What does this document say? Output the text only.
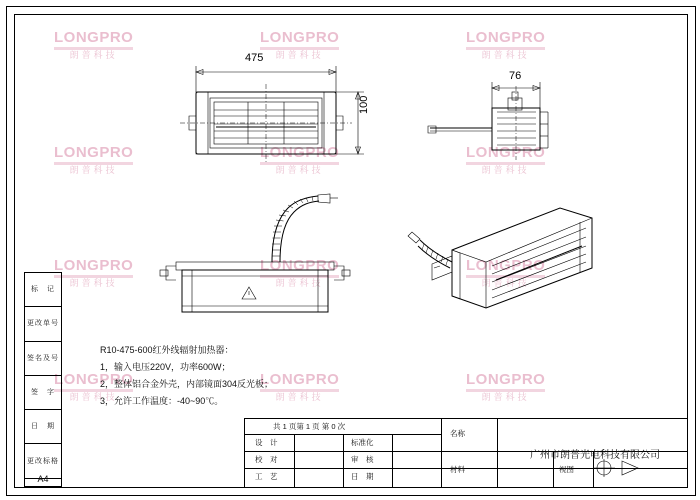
LONGPRO
朗普科技
LONGPRO
朗普科技
LONGPRO
朗普科技
LONGPRO
朗普科技
LONGPRO
朗普科技
LONGPRO
朗普科技
LONGPRO
朗普科技
LONGPRO
朗普科技
LONGPRO
朗普科技
LONGPRO
朗普科技
LONGPRO
朗普科技
LONGPRO
朗普科技
475
100
76
R10-475-600红外线辐射加热器：
1，输入电压220V，功率600W；
2，整体铝合金外壳，内部镜面304反光板；
3，允许工作温度：-40~90℃。
标　记
更改单号
签名及号
签　字
日　期
更改标格
A4
共 1 页第 1 页 第 0 次
设　计
校　对
工　艺
标准化
审　核
日　期
名称
材料	视图
广州市朗普光电科技有限公司
